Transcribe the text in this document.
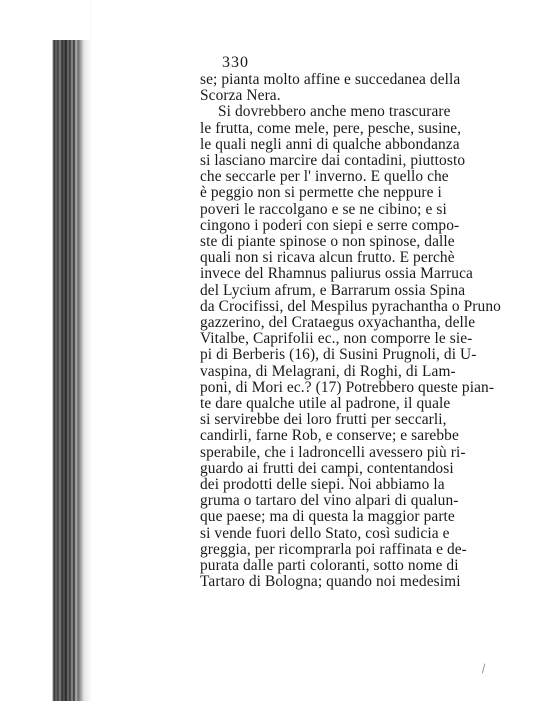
330
se; pianta molto affine e succedanea della
Scorza Nera.
Si dovrebbero anche meno trascurare
le frutta, come mele, pere, pesche, susine,
le quali negli anni di qualche abbondanza
si lasciano marcire dai contadini, piuttosto
che seccarle per l' inverno. E quello che
è peggio non si permette che neppure i
poveri le raccolgano e se ne cibino; e si
cingono i poderi con siepi e serre compo-
ste di piante spinose o non spinose, dalle
quali non si ricava alcun frutto. E perchè
invece del Rhamnus paliurus ossia Marruca
del Lycium afrum, e Barrarum ossia Spina
da Crocifissi, del Mespilus pyrachantha o Pruno
gazzerino, del Crataegus oxyachantha, delle
Vitalbe, Caprifolii ec., non comporre le sie-
pi di Berberis (16), di Susini Prugnoli, di U-
vaspina, di Melagrani, di Roghi, di Lam-
poni, di Mori ec.? (17) Potrebbero queste pian-
te dare qualche utile al padrone, il quale
si servirebbe dei loro frutti per seccarli,
candirli, farne Rob, e conserve; e sarebbe
sperabile, che i ladroncelli avessero più ri-
guardo ai frutti dei campi, contentandosi
dei prodotti delle siepi. Noi abbiamo la
gruma o tartaro del vino alpari di qualun-
que paese; ma di questa la maggior parte
si vende fuori dello Stato, così sudicia e
greggia, per ricomprarla poi raffinata e de-
purata dalle parti coloranti, sotto nome di
Tartaro di Bologna; quando noi medesimi
